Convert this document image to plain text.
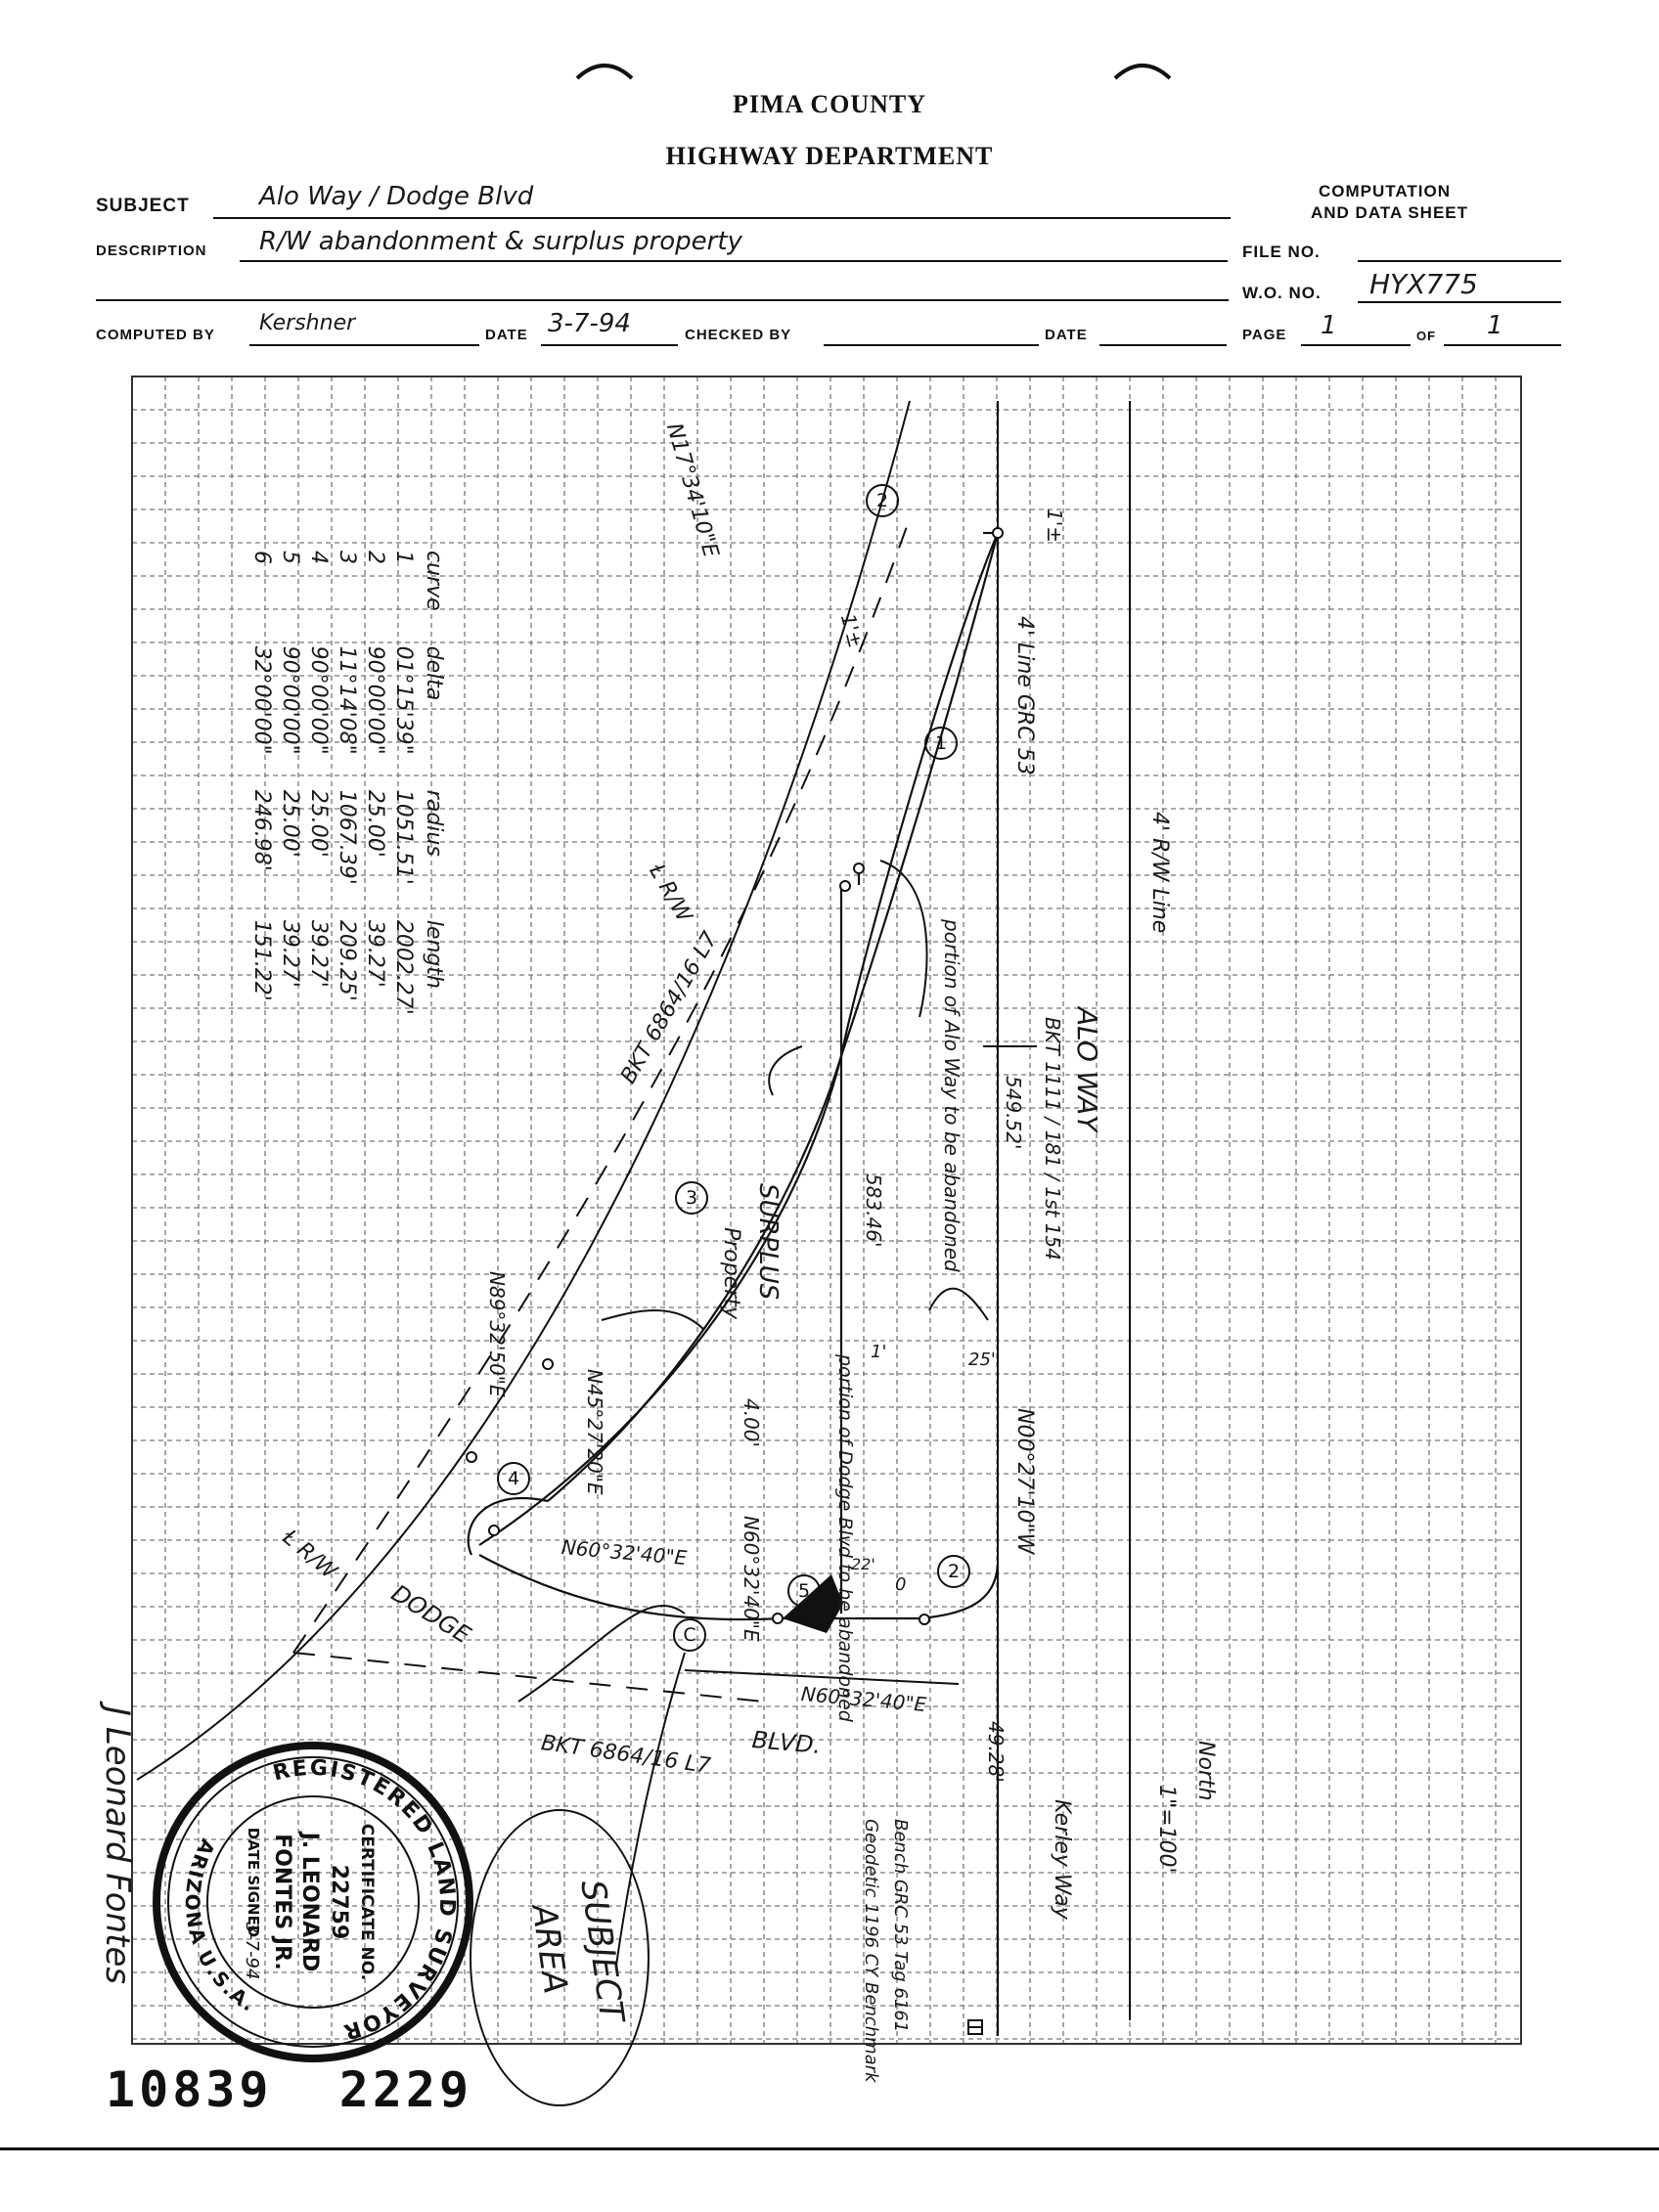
PIMA COUNTY
HIGHWAY DEPARTMENT
COMPUTATION
AND DATA SHEET
SUBJECT	Alo Way / Dodge Blvd
DESCRIPTION R/W abandonment & surplus property	FILE NO.
W.O. NO. HYX775
COMPUTED BY Kershner	DATE 3-7-94	CHECKED BY	DATE	PAGE 1	OF 1
1
2
3
4
5
2
C
curve	delta	radius	length
1	01°15'39"	1051.51'	2002.27'
2	90°00'00"	25.00'	39.27'
3	11°14'08"	1067.39'	209.25'
4	90°00'00"	25.00'	39.27'
5	90°00'00"	25.00'	39.27'
6	32°00'00"	246.98'	151.22'
N17°34'10"E
4' Line GRC 53
4' R/W Line
ALO WAY
BKT 1111 / 181 / 1st 154
portion of Alo Way to be abandoned
Ɫ R/W
BKT 6864/16 L7
1'±
1'±
SURPLUS
Property
583.46'
549.52'
4.00'	portion of Dodge Blvd to be abandoned	N00°27'10"W
N60°32'40"E
N45°27'20"E
N89°32'50"E
N60°32'40"E
N60°32'40"E
DODGE
Ɫ R/W
BLVD.
BKT 6864/16 L7	49.28'
Kerley Way	1"=100'
North
Bench GRC 53 Tag 6161 Geodetic 1196 CY Benchmark
1'	25'
22'
0
SUBJECT
AREA
REGISTERED LAND SURVEYOR
ARIZONA U.S.A.
CERTIFICATE NO.
22759
J. LEONARD
FONTES JR.
DATE SIGNED
3-7-94
J Leonard Fontes
10839  2229
